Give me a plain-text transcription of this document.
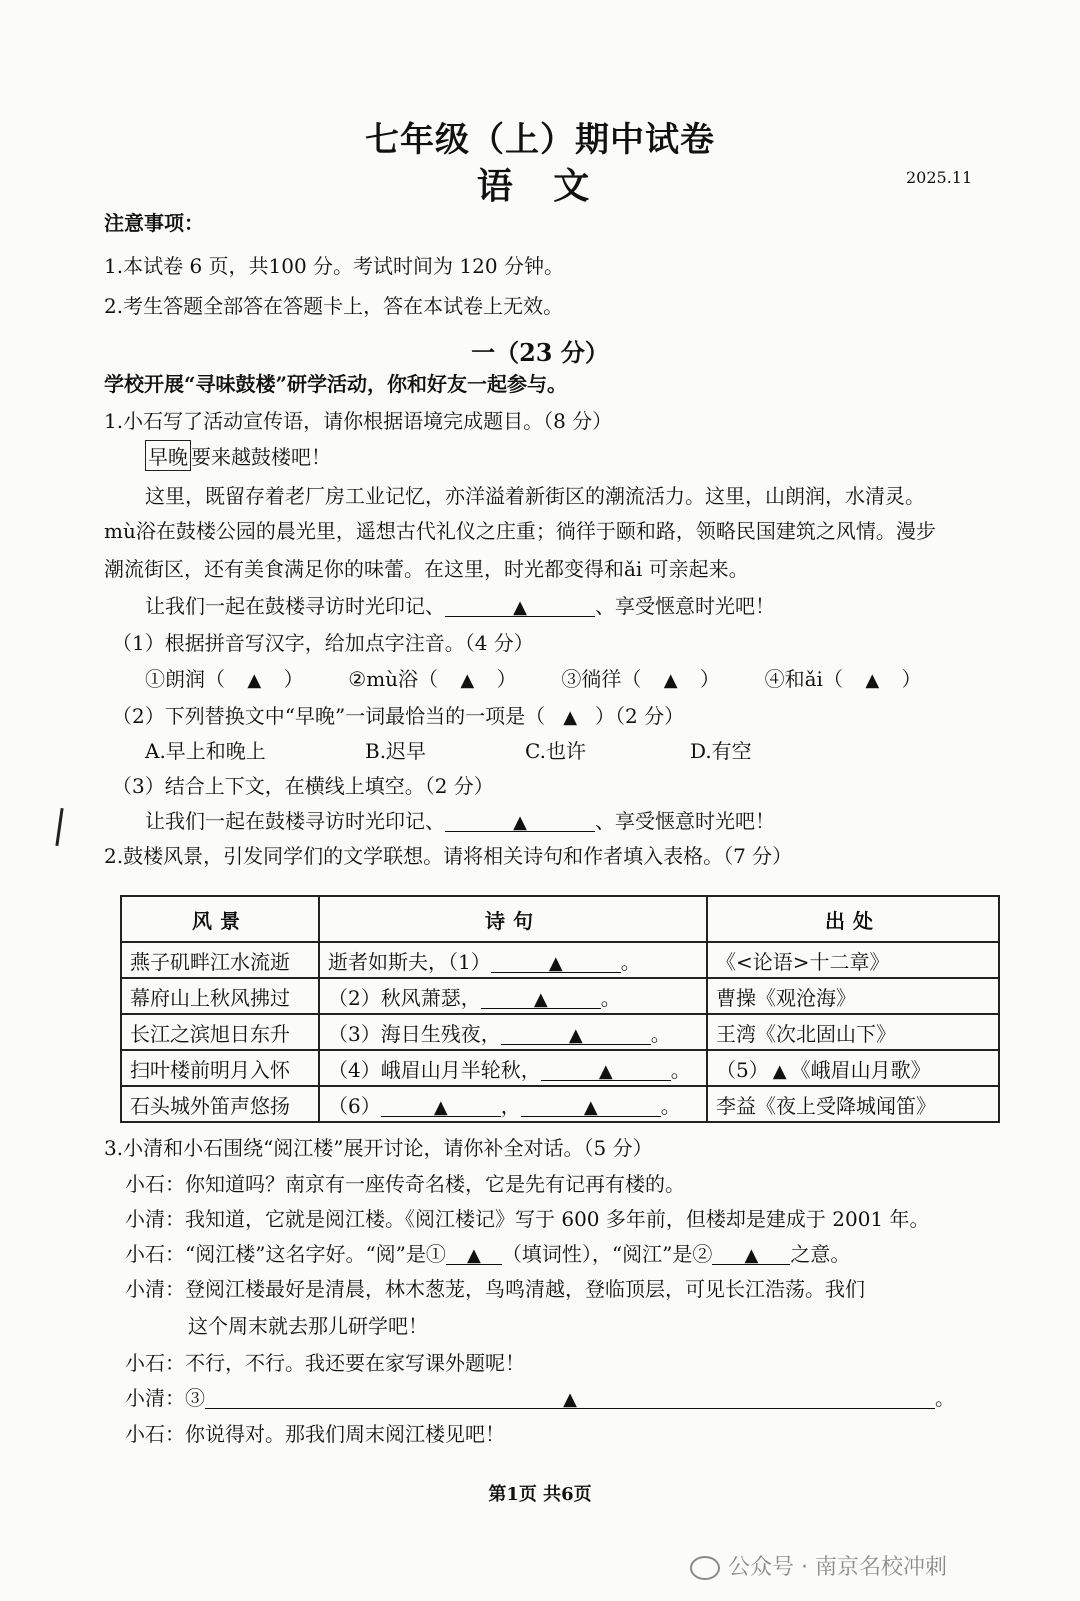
七年级（上）期中试卷
语 文	2025.11
注意事项：
1.本试卷 6 页，共100 分。考试时间为 120 分钟。
2.考生答题全部答在答题卡上，答在本试卷上无效。
一（23 分）
学校开展“寻味鼓楼”研学活动，你和好友一起参与。
1.小石写了活动宣传语，请你根据语境完成题目。（8 分）
早晚 要来越鼓楼吧！
这里，既留存着老厂房工业记忆，亦洋溢着新街区的潮流活力。这里，山朗润，水清灵。
mù浴在鼓楼公园的晨光里，遥想古代礼仪之庄重；徜徉于颐和路，领略民国建筑之风情。漫步
潮流街区，还有美食满足你的味蕾。在这里，时光都变得和ǎi 可亲起来。
让我们一起在鼓楼寻访时光印记、	▲	、享受惬意时光吧！
（1）根据拼音写汉字，给加点字注音。（4 分）
①朗润（ ▲ ） ②mù浴（ ▲ ） ③徜徉（ ▲ ） ④和ǎi（ ▲ ）
（2）下列替换文中“早晚”一词最恰当的一项是（ ▲ ）（2 分）
A.早上和晚上	B.迟早	C.也许	D.有空
（3）结合上下文，在横线上填空。（2 分）
让我们一起在鼓楼寻访时光印记、	▲	、享受惬意时光吧！
2.鼓楼风景，引发同学们的文学联想。请将相关诗句和作者填入表格。（7 分）
风景	诗句	出处
燕子矶畔江水流逝	逝者如斯夫，（1） ▲ 。	《<论语>十二章》
幕府山上秋风拂过	（2）秋风萧瑟， ▲ 。	曹操《观沧海》
长江之滨旭日东升	（3）海日生残夜， ▲ 。	王湾《次北固山下》
扫叶楼前明月入怀	（4）峨眉山月半轮秋， ▲ 。	（5） ▲ 《峨眉山月歌》
石头城外笛声悠扬	（6） ▲ ， ▲ 。	李益《夜上受降城闻笛》
3.小清和小石围绕“阅江楼”展开讨论，请你补全对话。（5 分）
小石：你知道吗？南京有一座传奇名楼，它是先有记再有楼的。
小清：我知道，它就是阅江楼。《阅江楼记》写于 600 多年前，但楼却是建成于 2001 年。
小石：“阅江楼”这名字好。“阅”是① ▲ （填词性），“阅江”是② ▲ 之意。
小清：登阅江楼最好是清晨，林木葱茏，鸟鸣清越，登临顶层，可见长江浩荡。我们
这个周末就去那儿研学吧！
小石：不行，不行。我还要在家写课外题呢！
小清：③	▲	。
小石：你说得对。那我们周末阅江楼见吧！
第1页 共6页
公众号 · 南京名校冲刺
